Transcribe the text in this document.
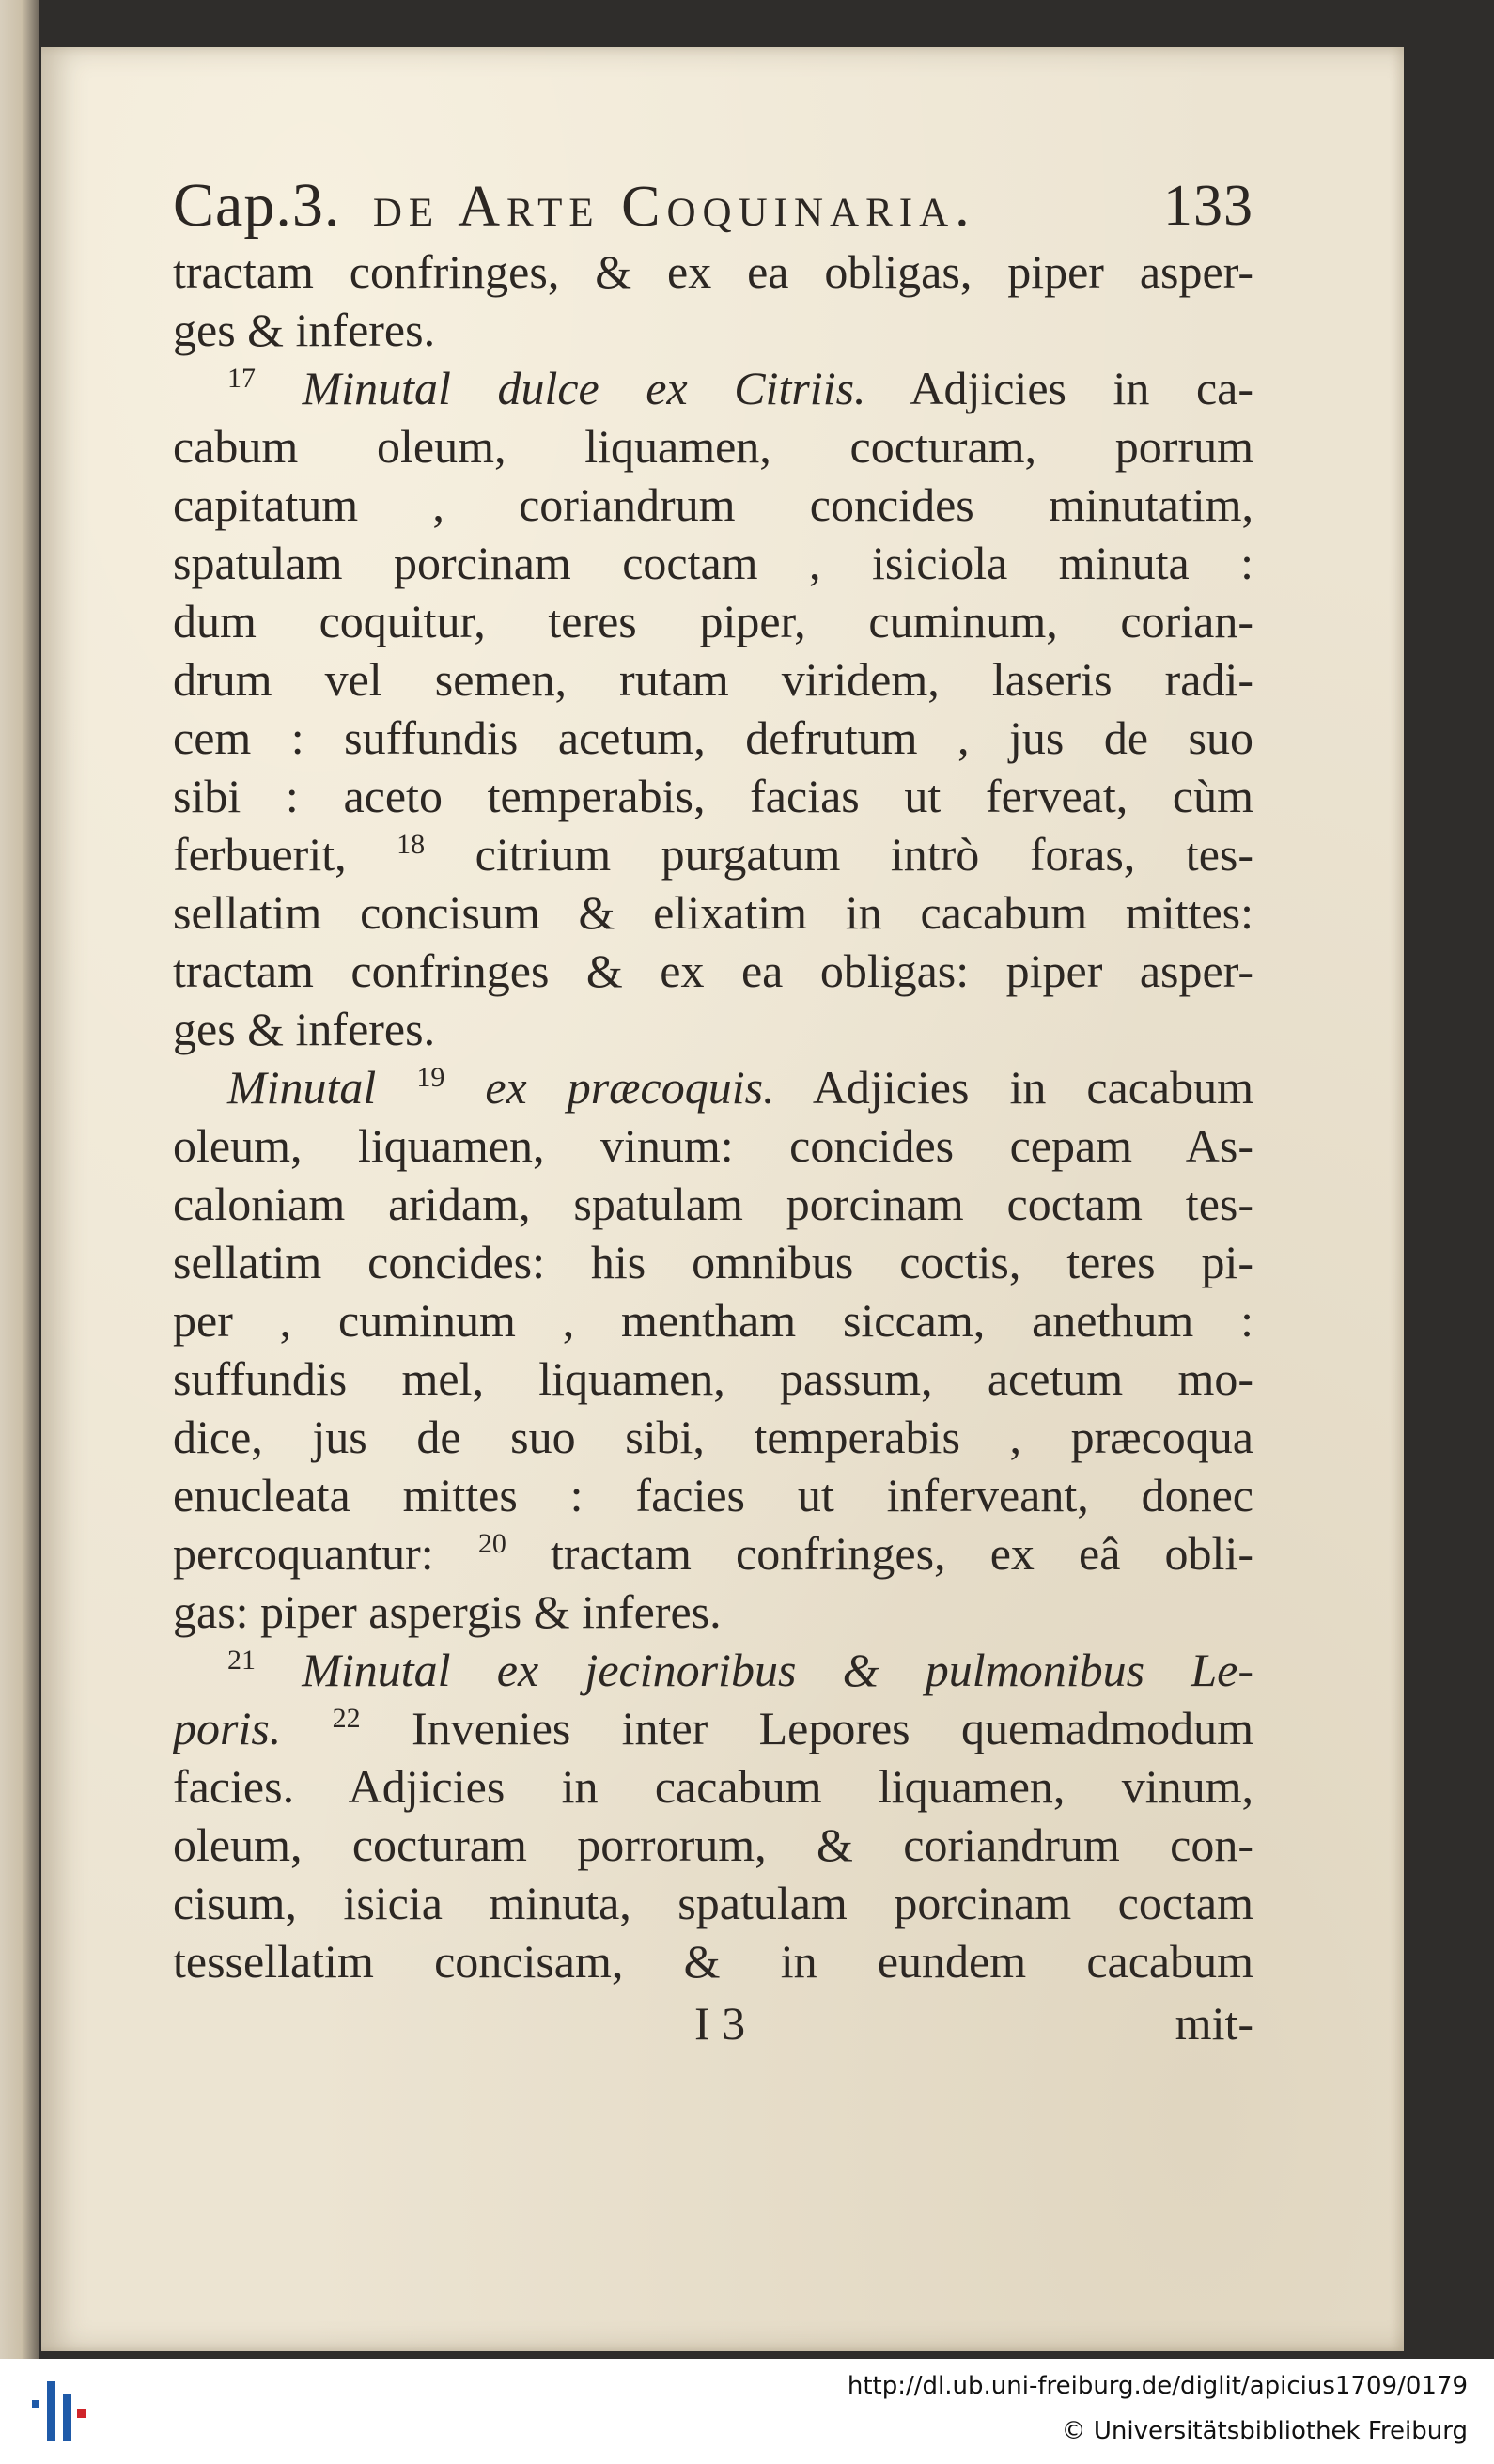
Cap.3. de Arte Coquinaria.	133
tractam confringes, & ex ea obligas, piper asper-
ges & inferes.
$^{17}$ Minutal dulce ex Citriis. Adjicies in ca-
cabum oleum, liquamen, cocturam, porrum
capitatum , coriandrum concides minutatim,
spatulam porcinam coctam , isiciola minuta :
dum coquitur, teres piper, cuminum, corian-
drum vel semen, rutam viridem, laseris radi-
cem : suffundis acetum, defrutum , jus de suo
sibi : aceto temperabis, facias ut ferveat, cùm
ferbuerit, $^{18}$ citrium purgatum intrò foras, tes-
sellatim concisum & elixatim in cacabum mittes:
tractam confringes & ex ea obligas: piper asper-
ges & inferes.
Minutal $^{19}$ ex præcoquis. Adjicies in cacabum
oleum, liquamen, vinum: concides cepam As-
caloniam aridam, spatulam porcinam coctam tes-
sellatim concides: his omnibus coctis, teres pi-
per , cuminum , mentham siccam, anethum :
suffundis mel, liquamen, passum, acetum mo-
dice, jus de suo sibi, temperabis , præcoqua
enucleata mittes : facies ut inferveant, donec
percoquantur: $^{20}$ tractam confringes, ex eâ obli-
gas: piper aspergis & inferes.
$^{21}$ Minutal ex jecinoribus & pulmonibus Le-
poris. $^{22}$ Invenies inter Lepores quemadmodum
facies. Adjicies in cacabum liquamen, vinum,
oleum, cocturam porrorum, & coriandrum con-
cisum, isicia minuta, spatulam porcinam coctam
tessellatim concisam, & in eundem cacabum
I 3	mit-
http://dl.ub.uni-freiburg.de/diglit/apicius1709/0179
© Universitätsbibliothek Freiburg
